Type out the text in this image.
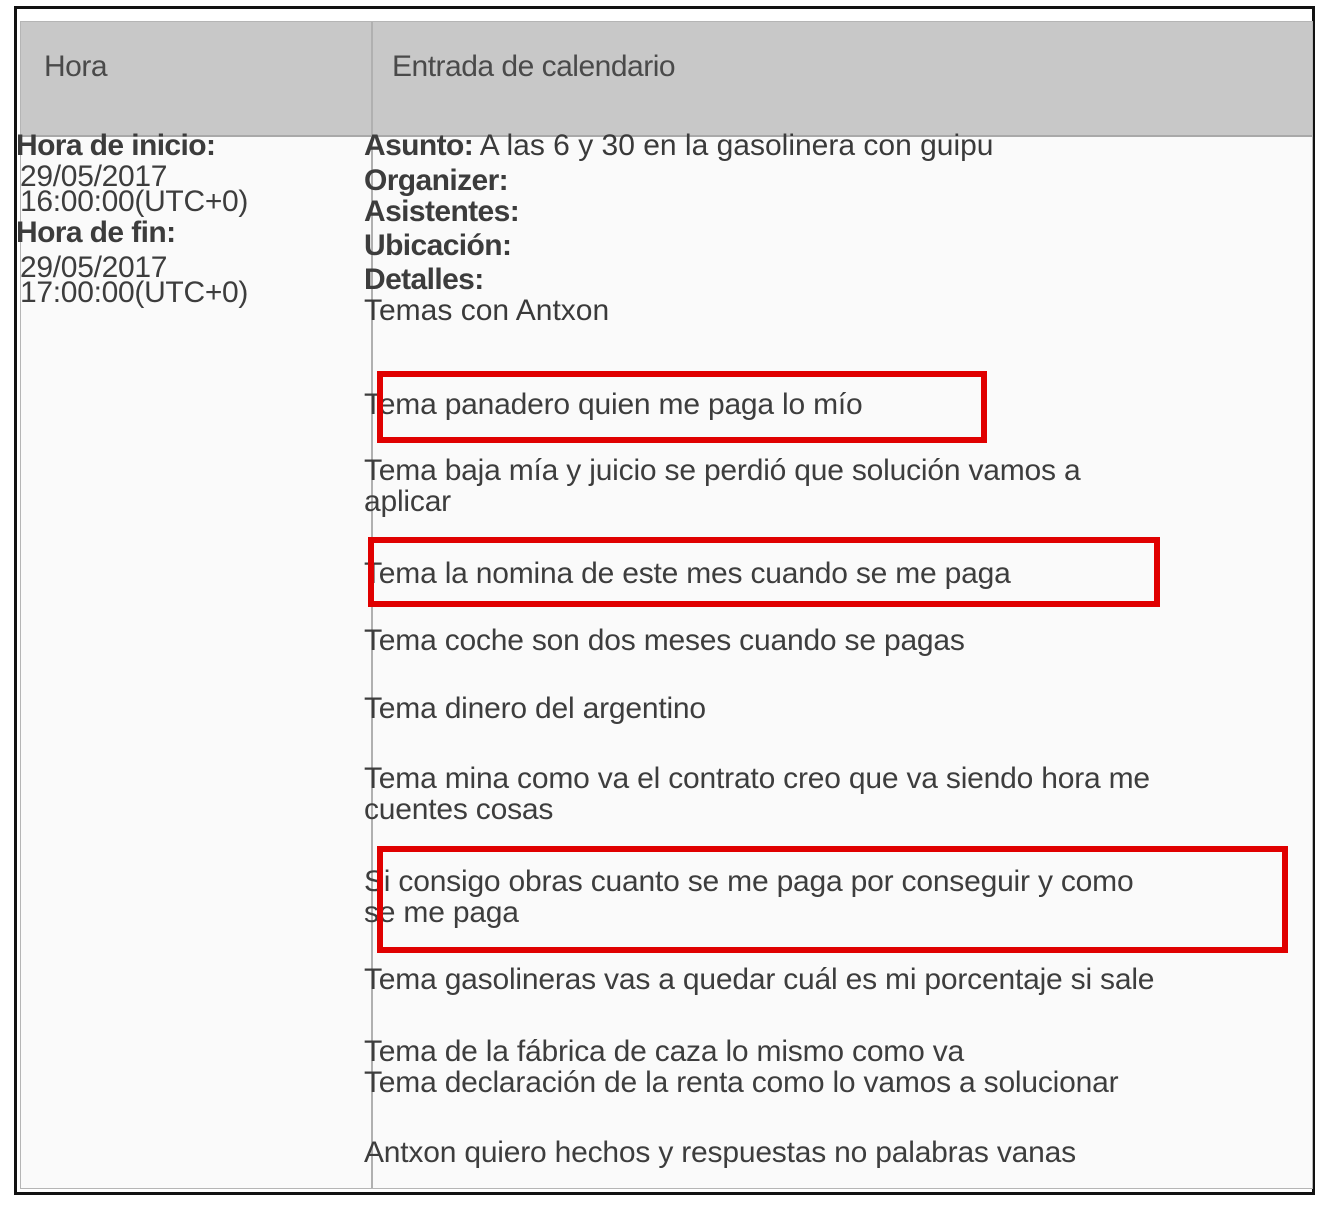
Hora	Entrada de calendario
Hora de inicio:
29/05/2017
16:00:00(UTC+0)
Hora de fin:
29/05/2017
17:00:00(UTC+0)
Asunto: A las 6 y 30 en la gasolinera con guipu
Organizer:
Asistentes:
Ubicación:
Detalles:
Temas con Antxon
Tema panadero quien me paga lo mío
Tema baja mía y juicio se perdió que solución vamos a
aplicar
Tema la nomina de este mes cuando se me paga
Tema coche son dos meses cuando se pagas
Tema dinero del argentino
Tema mina como va el contrato creo que va siendo hora me
cuentes cosas
Si consigo obras cuanto se me paga por conseguir y como
se me paga
Tema gasolineras vas a quedar cuál es mi porcentaje si sale
Tema de la fábrica de caza lo mismo como va
Tema declaración de la renta como lo vamos a solucionar
Antxon quiero hechos y respuestas no palabras vanas
